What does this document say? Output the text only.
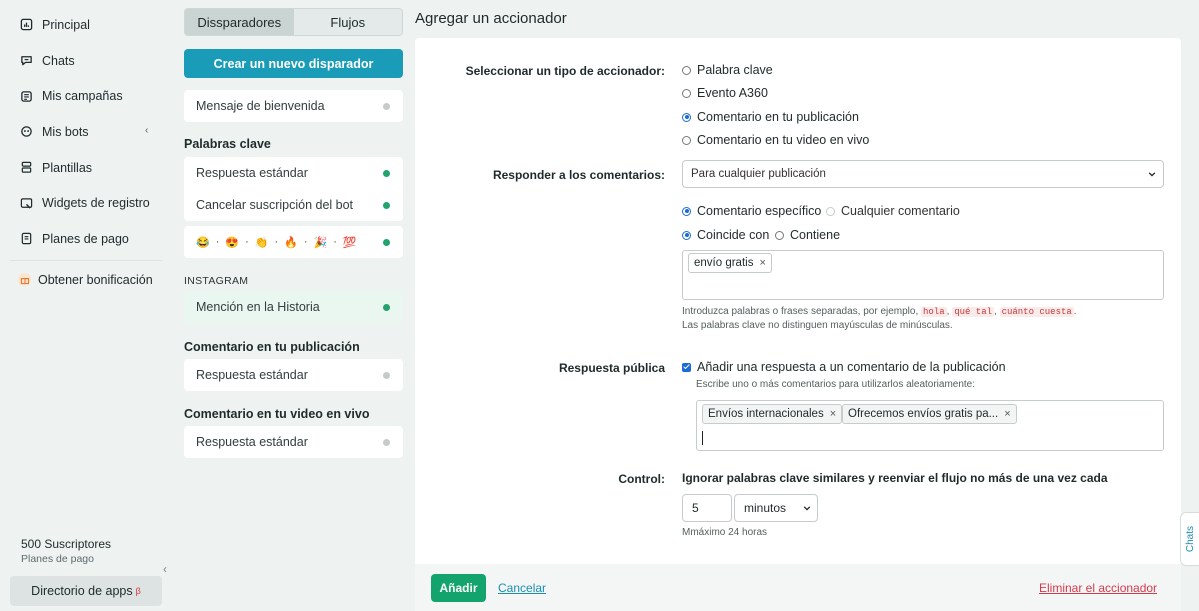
Principal
Chats
Mis campañas
Mis bots	‹
Plantillas
Widgets de registro
Planes de pago
Obtener bonificación
500 Suscriptores
Planes de pago
‹
Directorio de apps β
Disspara​dores	Flujos
Crear un nuevo disparador
Mensaje de bienvenida
Palabras clave
Respuesta estándar
Cancelar suscripción del bot
😂 · 😍 · 👏 · 🔥 · 🎉 · 💯
INSTAGRAM
Mención en la Historia
Comentario en tu publicación
Respuesta estándar
Comentario en tu video en vivo
Respuesta estándar
Agregar un accionador
Seleccionar un tipo de accionador:	Palabra clave
Evento A360
Comentario en tu publicación
Comentario en tu video en vivo
Responder a los comentarios: Para cualquier publicación
Comentario específico Cualquier comentario
Coincide con Contiene
envío gratis ×
Introduzca palabras o frases separadas, por ejemplo, hola , qué tal , cuánto cuesta .
Las palabras clave no distinguen mayúsculas de minúsculas.
Respuesta pública	Añadir una respuesta a un comentario de la publicación
Escribe uno o más comentarios para utilizarlos aleatoriamente:
Envíos internacionales × Ofrecemos envíos gratis pa... ×
Control: Ignorar palabras clave similares y reenviar el flujo no más de una vez cada
5	minutos
Mmáximo 24 horas
Añadir	Cancelar	Eliminar el accionador
Chats
